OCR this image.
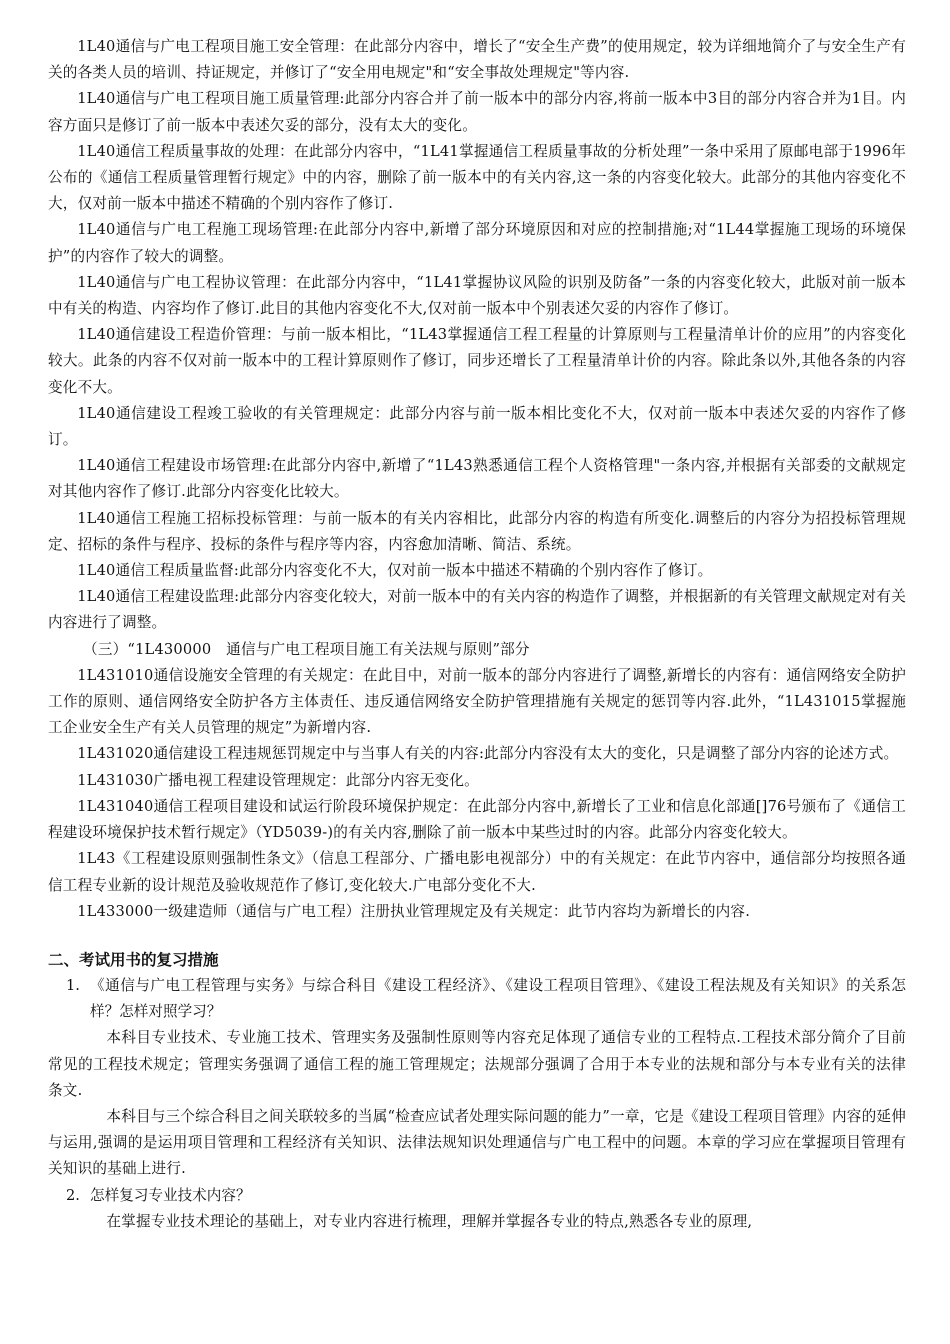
1L40通信与广电工程项目施工安全管理：在此部分内容中，增长了“安全生产费”的使用规定，较为详细地简介了与安全生产有关的各类人员的培训、持证规定，并修订了“安全用电规定"和“安全事故处理规定"等内容.

1L40通信与广电工程项目施工质量管理:此部分内容合并了前一版本中的部分内容,将前一版本中3目的部分内容合并为1目。内容方面只是修订了前一版本中表述欠妥的部分，没有太大的变化。

1L40通信工程质量事故的处理：在此部分内容中，“1L41掌握通信工程质量事故的分析处理”一条中采用了原邮电部于1996年公布的《通信工程质量管理暂行规定》中的内容，删除了前一版本中的有关内容,这一条的内容变化较大。此部分的其他内容变化不大，仅对前一版本中描述不精确的个别内容作了修订.

1L40通信与广电工程施工现场管理:在此部分内容中,新增了部分环境原因和对应的控制措施;对“1L44掌握施工现场的环境保护”的内容作了较大的调整。

1L40通信与广电工程协议管理：在此部分内容中，“1L41掌握协议风险的识别及防备”一条的内容变化较大，此版对前一版本中有关的构造、内容均作了修订.此目的其他内容变化不大,仅对前一版本中个别表述欠妥的内容作了修订。

1L40通信建设工程造价管理：与前一版本相比，“1L43掌握通信工程工程量的计算原则与工程量清单计价的应用”的内容变化较大。此条的内容不仅对前一版本中的工程计算原则作了修订，同步还增长了工程量清单计价的内容。除此条以外,其他各条的内容变化不大。

1L40通信建设工程竣工验收的有关管理规定：此部分内容与前一版本相比变化不大，仅对前一版本中表述欠妥的内容作了修订。

1L40通信工程建设市场管理:在此部分内容中,新增了“1L43熟悉通信工程个人资格管理"一条内容,并根据有关部委的文献规定对其他内容作了修订.此部分内容变化比较大。

1L40通信工程施工招标投标管理：与前一版本的有关内容相比，此部分内容的构造有所变化.调整后的内容分为招投标管理规定、招标的条件与程序、投标的条件与程序等内容，内容愈加清晰、简洁、系统。

1L40通信工程质量监督:此部分内容变化不大，仅对前一版本中描述不精确的个别内容作了修订。

1L40通信工程建设监理:此部分内容变化较大，对前一版本中的有关内容的构造作了调整，并根据新的有关管理文献规定对有关内容进行了调整。

（三）“1L430000　通信与广电工程项目施工有关法规与原则”部分

1L431010通信设施安全管理的有关规定：在此目中，对前一版本的部分内容进行了调整,新增长的内容有：通信网络安全防护工作的原则、通信网络安全防护各方主体责任、违反通信网络安全防护管理措施有关规定的惩罚等内容.此外，“1L431015掌握施工企业安全生产有关人员管理的规定”为新增内容.

1L431020通信建设工程违规惩罚规定中与当事人有关的内容:此部分内容没有太大的变化，只是调整了部分内容的论述方式。

1L431030广播电视工程建设管理规定：此部分内容无变化。

1L431040通信工程项目建设和试运行阶段环境保护规定：在此部分内容中,新增长了工业和信息化部通[]76号颁布了《通信工程建设环境保护技术暂行规定》（YD5039-)的有关内容,删除了前一版本中某些过时的内容。此部分内容变化较大。

1L43《工程建设原则强制性条文》（信息工程部分、广播电影电视部分）中的有关规定：在此节内容中，通信部分均按照各通信工程专业新的设计规范及验收规范作了修订,变化较大.广电部分变化不大.

1L433000一级建造师（通信与广电工程）注册执业管理规定及有关规定：此节内容均为新增长的内容.

二、考试用书的复习措施
1. 《通信与广电工程管理与实务》与综合科目《建设工程经济》、《建设工程项目管理》、《建设工程法规及有关知识》的关系怎样？怎样对照学习？

本科目专业技术、专业施工技术、管理实务及强制性原则等内容充足体现了通信专业的工程特点.工程技术部分简介了目前常见的工程技术规定；管理实务强调了通信工程的施工管理规定；法规部分强调了合用于本专业的法规和部分与本专业有关的法律条文.

本科目与三个综合科目之间关联较多的当属“检查应试者处理实际问题的能力”一章，它是《建设工程项目管理》内容的延伸与运用,强调的是运用项目管理和工程经济有关知识、法律法规知识处理通信与广电工程中的问题。本章的学习应在掌握项目管理有关知识的基础上进行.

2. 怎样复习专业技术内容？

在掌握专业技术理论的基础上，对专业内容进行梳理，理解并掌握各专业的特点,熟悉各专业的原理,
